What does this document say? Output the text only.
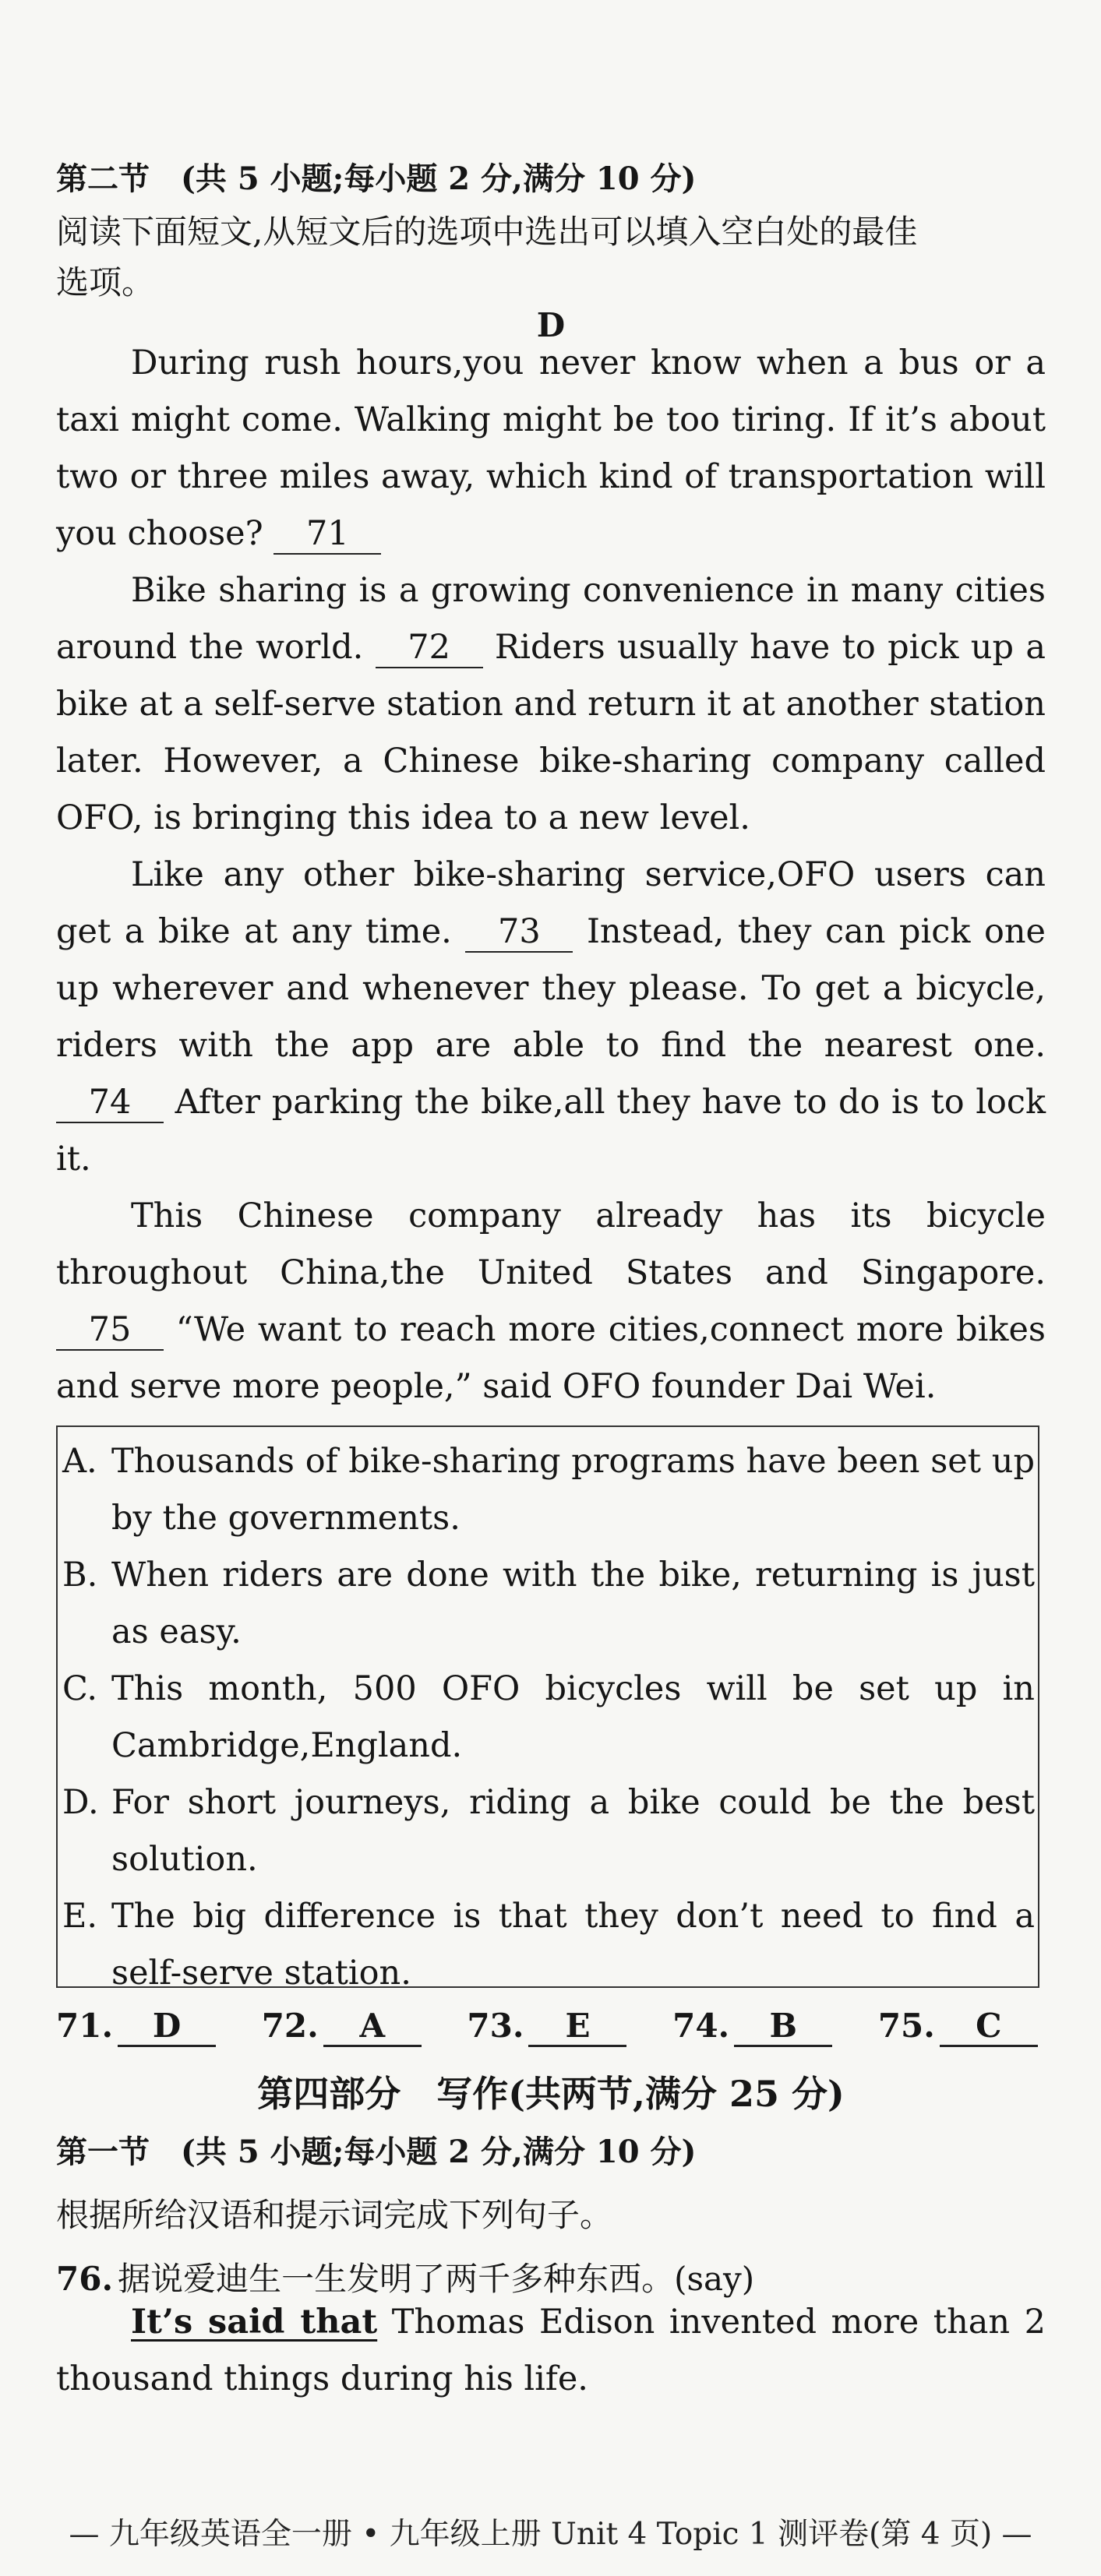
第二节　(共 5 小题;每小题 2 分,满分 10 分)
阅读下面短文,从短文后的选项中选出可以填入空白处的最佳
选项。
D

During rush hours,you never know when a bus or a taxi might come. Walking might be too tiring. If it’s about two or three miles away, which kind of transportation will you choose? 71

Bike sharing is a growing convenience in many cities around the world. 72 Riders usually have to pick up a bike at a self-serve station and return it at another station later. However, a Chinese bike-sharing company called OFO, is bringing this idea to a new level.

Like any other bike-sharing service,OFO users can get a bike at any time. 73 Instead, they can pick one up wherever and whenever they please. To get a bicycle, riders with the app are able to find the nearest one. 74 After parking the bike,all they have to do is to lock it.

This Chinese company already has its bicycle throughout China,the United States and Singapore. 75 “We want to reach more cities,connect more bikes and serve more people,” said OFO founder Dai Wei.

A. Thousands of bike-sharing programs have been set up by the governments.
B. When riders are done with the bike, returning is just as easy.
C. This month, 500 OFO bicycles will be set up in Cambridge,England.
D. For short journeys, riding a bike could be the best solution.
E. The big difference is that they don’t need to find a self-serve station.
71. D 72. A	73. E	74. B 75. C
第四部分　写作(共两节,满分 25 分)
第一节　(共 5 小题;每小题 2 分,满分 10 分)
根据所给汉语和提示词完成下列句子。
76. 据说爱迪生一生发明了两千多种东西。(say)

It’s said that Thomas Edison invented more than 2 thousand things during his life.

— 九年级英语全一册 • 九年级上册 Unit 4 Topic 1 测评卷(第 4 页) —
